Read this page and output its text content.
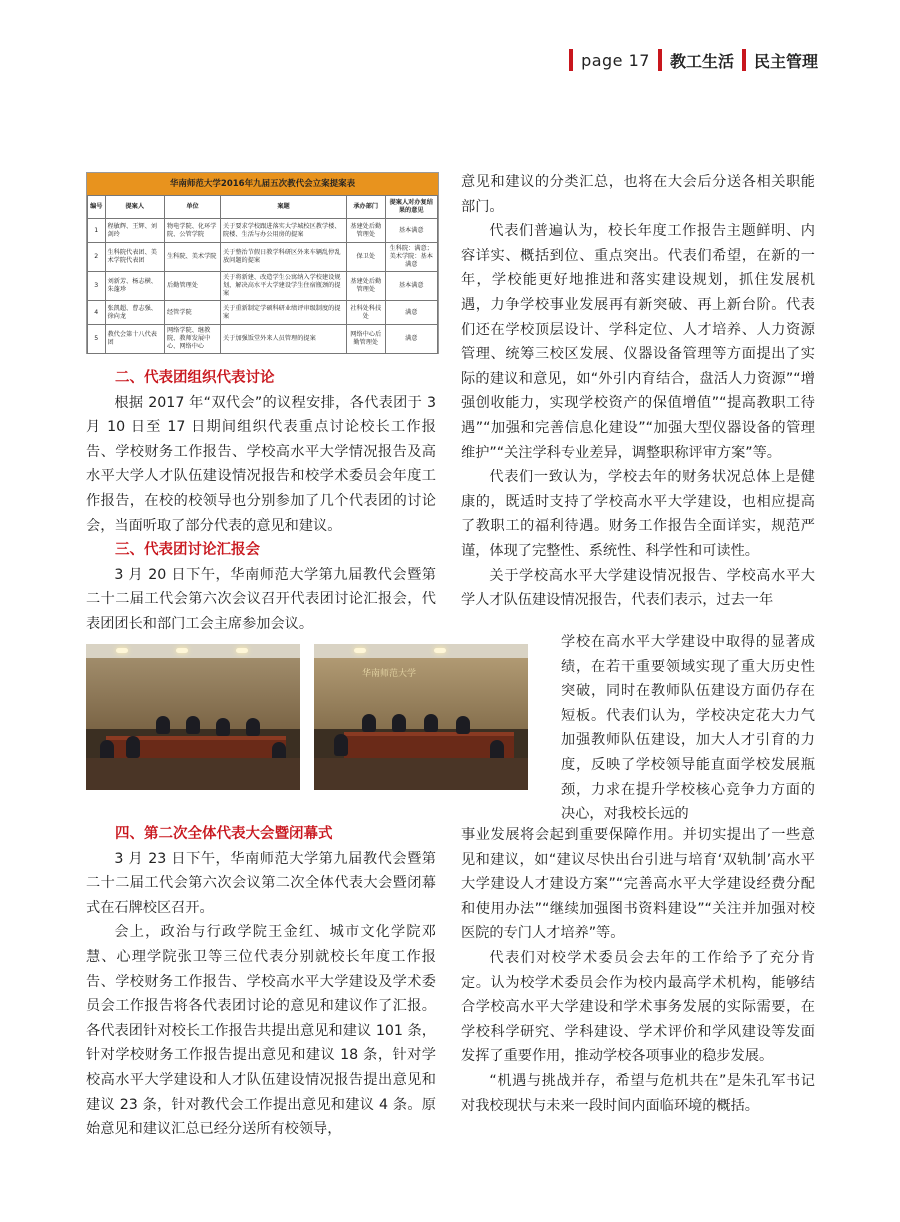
page 17 教工生活 民主管理
华南师范大学2016年九届五次教代会立案提案表
编号	提案人	单位	案题	承办部门	提案人对办复结果的意见
1	程敏辉、王辉、刘剑玲	物电学院、化环学院、公管学院	关于要求学校跟进落实大学城校区教学楼、院楼、生活与办公用房的提案	基建处后勤管理处	基本满意
2	生科院代表团、美术学院代表团	生科院、美术学院	关于整治节假日教学科研区外来车辆乱停乱放问题的提案	保卫处	生科院：满意；美术学院：基本满意
3	刘新芳、杨志横、朱蓬珍	后勤管理处	关于将新建、改造学生公寓纳入学校建设规划，解决高水平大学建设学生住宿瓶颈的提案	基建处后勤管理处	基本满意
4	张凯超、曹志强、徐向龙	经管学院	关于重新制定学硕科研业绩评审级制度的提案	社科处科技处	满意
5	教代会第十八代表团	网络学院、继教院、教师发展中心、网络中心	关于加强饭堂外来人员管理的提案	网络中心后勤管理处	满意
二、代表团组织代表讨论

根据 2017 年“双代会”的议程安排，各代表团于 3 月 10 日至 17 日期间组织代表重点讨论校长工作报告、学校财务工作报告、学校高水平大学情况报告及高水平大学人才队伍建设情况报告和校学术委员会年度工作报告，在校的校领导也分别参加了几个代表团的讨论会，当面听取了部分代表的意见和建议。

三、代表团讨论汇报会

3 月 20 日下午，华南师范大学第九届教代会暨第二十二届工代会第六次会议召开代表团讨论汇报会，代表团团长和部门工会主席参加会议。

华南师范大学
四、第二次全体代表大会暨闭幕式

3 月 23 日下午，华南师范大学第九届教代会暨第二十二届工代会第六次会议第二次全体代表大会暨闭幕式在石牌校区召开。

会上，政治与行政学院王金红、城市文化学院邓慧、心理学院张卫等三位代表分别就校长年度工作报告、学校财务工作报告、学校高水平大学建设及学术委员会工作报告将各代表团讨论的意见和建议作了汇报。各代表团针对校长工作报告共提出意见和建议 101 条，针对学校财务工作报告提出意见和建议 18 条，针对学校高水平大学建设和人才队伍建设情况报告提出意见和建议 23 条，针对教代会工作提出意见和建议 4 条。原始意见和建议汇总已经分送所有校领导，

意见和建议的分类汇总，也将在大会后分送各相关职能部门。

代表们普遍认为，校长年度工作报告主题鲜明、内容详实、概括到位、重点突出。代表们希望，在新的一年，学校能更好地推进和落实建设规划，抓住发展机遇，力争学校事业发展再有新突破、再上新台阶。代表们还在学校顶层设计、学科定位、人才培养、人力资源管理、统筹三校区发展、仪器设备管理等方面提出了实际的建议和意见，如“外引内育结合，盘活人力资源”“增强创收能力，实现学校资产的保值增值”“提高教职工待遇”“加强和完善信息化建设”“加强大型仪器设备的管理维护”“关注学科专业差异，调整职称评审方案”等。

代表们一致认为，学校去年的财务状况总体上是健康的，既适时支持了学校高水平大学建设，也相应提高了教职工的福利待遇。财务工作报告全面详实，规范严谨，体现了完整性、系统性、科学性和可读性。

关于学校高水平大学建设情况报告、学校高水平大学人才队伍建设情况报告，代表们表示，过去一年

学校在高水平大学建设中取得的显著成绩，在若干重要领域实现了重大历史性突破，同时在教师队伍建设方面仍存在短板。代表们认为，学校决定花大力气加强教师队伍建设，加大人才引育的力度，反映了学校领导能直面学校发展瓶颈，力求在提升学校核心竞争力方面的决心，对我校长远的

事业发展将会起到重要保障作用。并切实提出了一些意见和建议，如“建议尽快出台引进与培育‘双轨制’高水平大学建设人才建设方案”“完善高水平大学建设经费分配和使用办法”“继续加强图书资料建设”“关注并加强对校医院的专门人才培养”等。

代表们对校学术委员会去年的工作给予了充分肯定。认为校学术委员会作为校内最高学术机构，能够结合学校高水平大学建设和学术事务发展的实际需要，在学校科学研究、学科建设、学术评价和学风建设等发面发挥了重要作用，推动学校各项事业的稳步发展。

“机遇与挑战并存，希望与危机共在”是朱孔军书记对我校现状与未来一段时间内面临环境的概括。
